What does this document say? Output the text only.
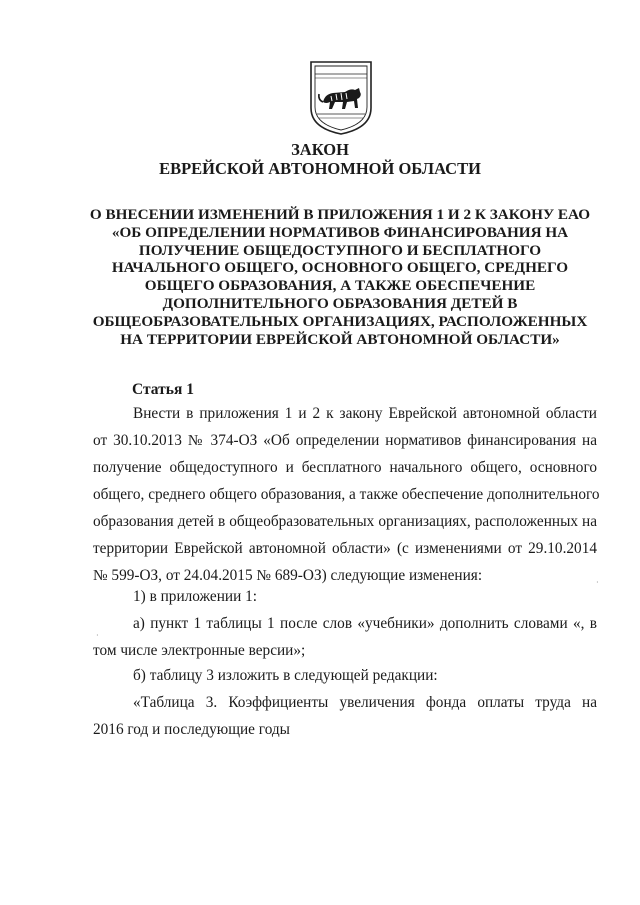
ЗАКОН
ЕВРЕЙСКОЙ АВТОНОМНОЙ ОБЛАСТИ
О ВНЕСЕНИИ ИЗМЕНЕНИЙ В ПРИЛОЖЕНИЯ 1 И 2 К ЗАКОНУ ЕАО
«ОБ ОПРЕДЕЛЕНИИ НОРМАТИВОВ ФИНАНСИРОВАНИЯ НА
ПОЛУЧЕНИЕ ОБЩЕДОСТУПНОГО И БЕСПЛАТНОГО
НАЧАЛЬНОГО ОБЩЕГО, ОСНОВНОГО ОБЩЕГО, СРЕДНЕГО
ОБЩЕГО ОБРАЗОВАНИЯ, А ТАКЖЕ ОБЕСПЕЧЕНИЕ
ДОПОЛНИТЕЛЬНОГО ОБРАЗОВАНИЯ ДЕТЕЙ В
ОБЩЕОБРАЗОВАТЕЛЬНЫХ ОРГАНИЗАЦИЯХ, РАСПОЛОЖЕННЫХ
НА ТЕРРИТОРИИ ЕВРЕЙСКОЙ АВТОНОМНОЙ ОБЛАСТИ»
Статья 1
Внести в приложения 1 и 2 к закону Еврейской автономной области
от 30.10.2013 № 374-ОЗ «Об определении нормативов финансирования на
получение общедоступного и бесплатного начального общего, основного
общего, среднего общего образования, а также обеспечение дополнительного
образования детей в общеобразовательных организациях, расположенных на
территории Еврейской автономной области» (с изменениями от 29.10.2014
№ 599-ОЗ, от 24.04.2015 № 689-ОЗ) следующие изменения:
1) в приложении 1:
·
·
а) пункт 1 таблицы 1 после слов «учебники» дополнить словами «, в
том числе электронные версии»;
б) таблицу 3 изложить в следующей редакции:
«Таблица 3. Коэффициенты увеличения фонда оплаты труда на
2016 год и последующие годы
